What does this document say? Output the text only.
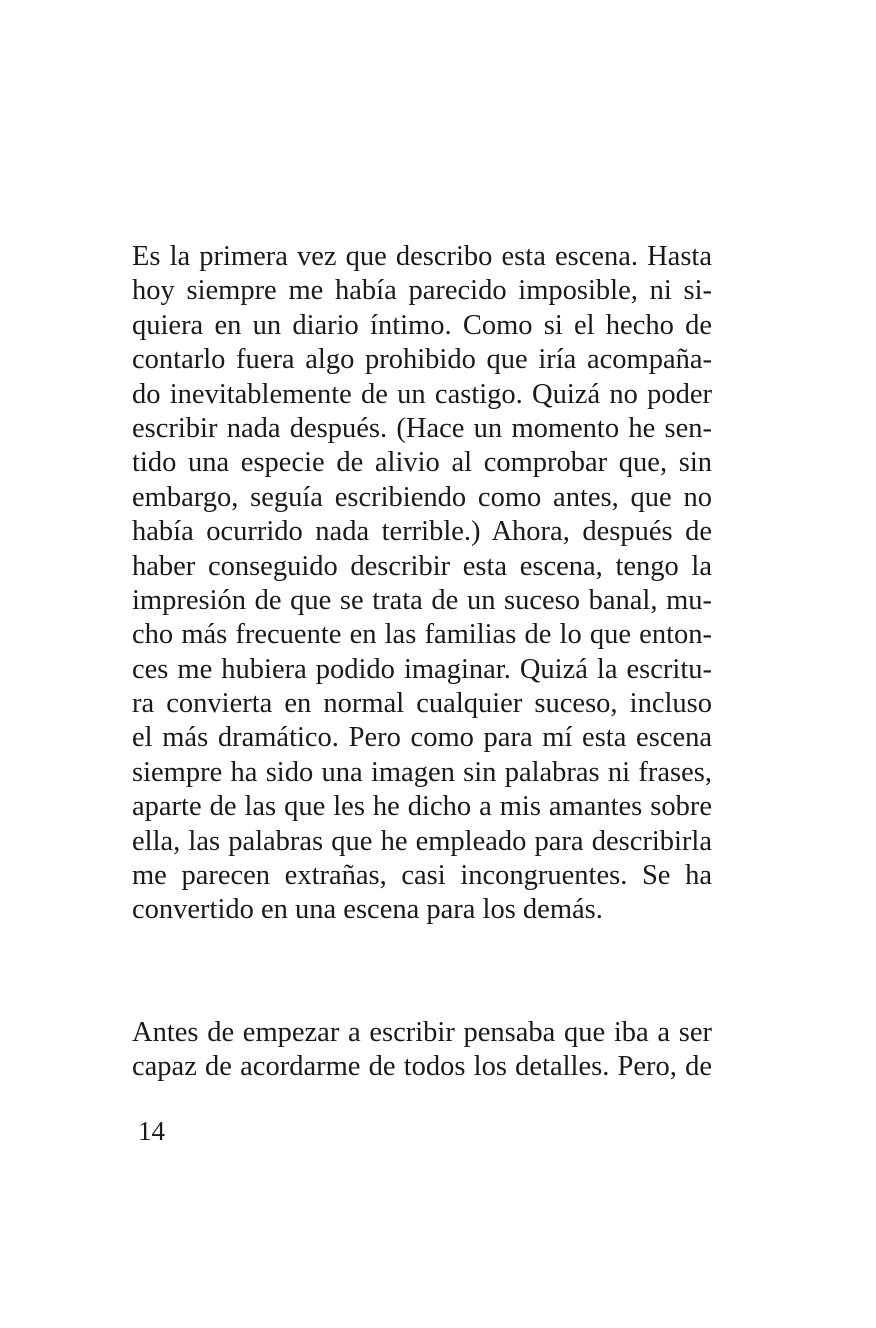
Es la primera vez que describo esta escena. Hasta
hoy siempre me había parecido imposible, ni si-
quiera en un diario íntimo. Como si el hecho de
contarlo fuera algo prohibido que iría acompaña-
do inevitablemente de un castigo. Quizá no poder
escribir nada después. (Hace un momento he sen-
tido una especie de alivio al comprobar que, sin
embargo, seguía escribiendo como antes, que no
había ocurrido nada terrible.) Ahora, después de
haber conseguido describir esta escena, tengo la
impresión de que se trata de un suceso banal, mu-
cho más frecuente en las familias de lo que enton-
ces me hubiera podido imaginar. Quizá la escritu-
ra convierta en normal cualquier suceso, incluso
el más dramático. Pero como para mí esta escena
siempre ha sido una imagen sin palabras ni frases,
aparte de las que les he dicho a mis amantes sobre
ella, las palabras que he empleado para describirla
me parecen extrañas, casi incongruentes. Se ha
convertido en una escena para los demás.

Antes de empezar a escribir pensaba que iba a ser
capaz de acordarme de todos los detalles. Pero, de

14
